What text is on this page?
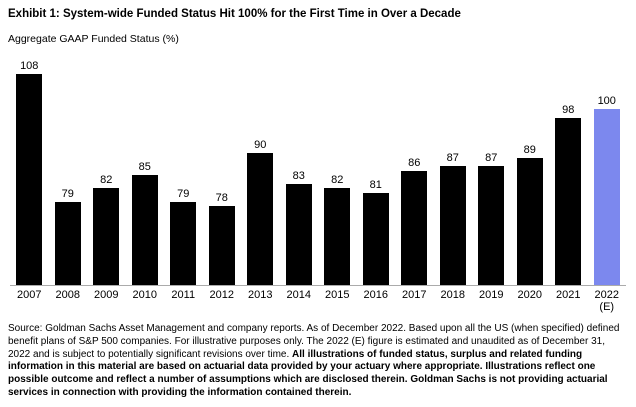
Exhibit 1: System-wide Funded Status Hit 100% for the First Time in Over a Decade
Aggregate GAAP Funded Status (%)
108
79
82
85
79 78
90
83 82 81
86 87 87
89
98
100
2007	2008	2009	2010	2011	2012	2013	2014	2015	2016	2017	2018	2019	2020	2021	2022
(E)

Source: Goldman Sachs Asset Management and company reports. As of December 2022. Based upon all the US (when specified) defined benefit plans of S&P 500 companies. For illustrative purposes only. The 2022 (E) figure is estimated and unaudited as of December 31, 2022 and is subject to potentially significant revisions over time. All illustrations of funded status, surplus and related funding information in this material are based on actuarial data provided by your actuary where appropriate. Illustrations reflect one possible outcome and reflect a number of assumptions which are disclosed therein. Goldman Sachs is not providing actuarial services in connection with providing the information contained therein.
